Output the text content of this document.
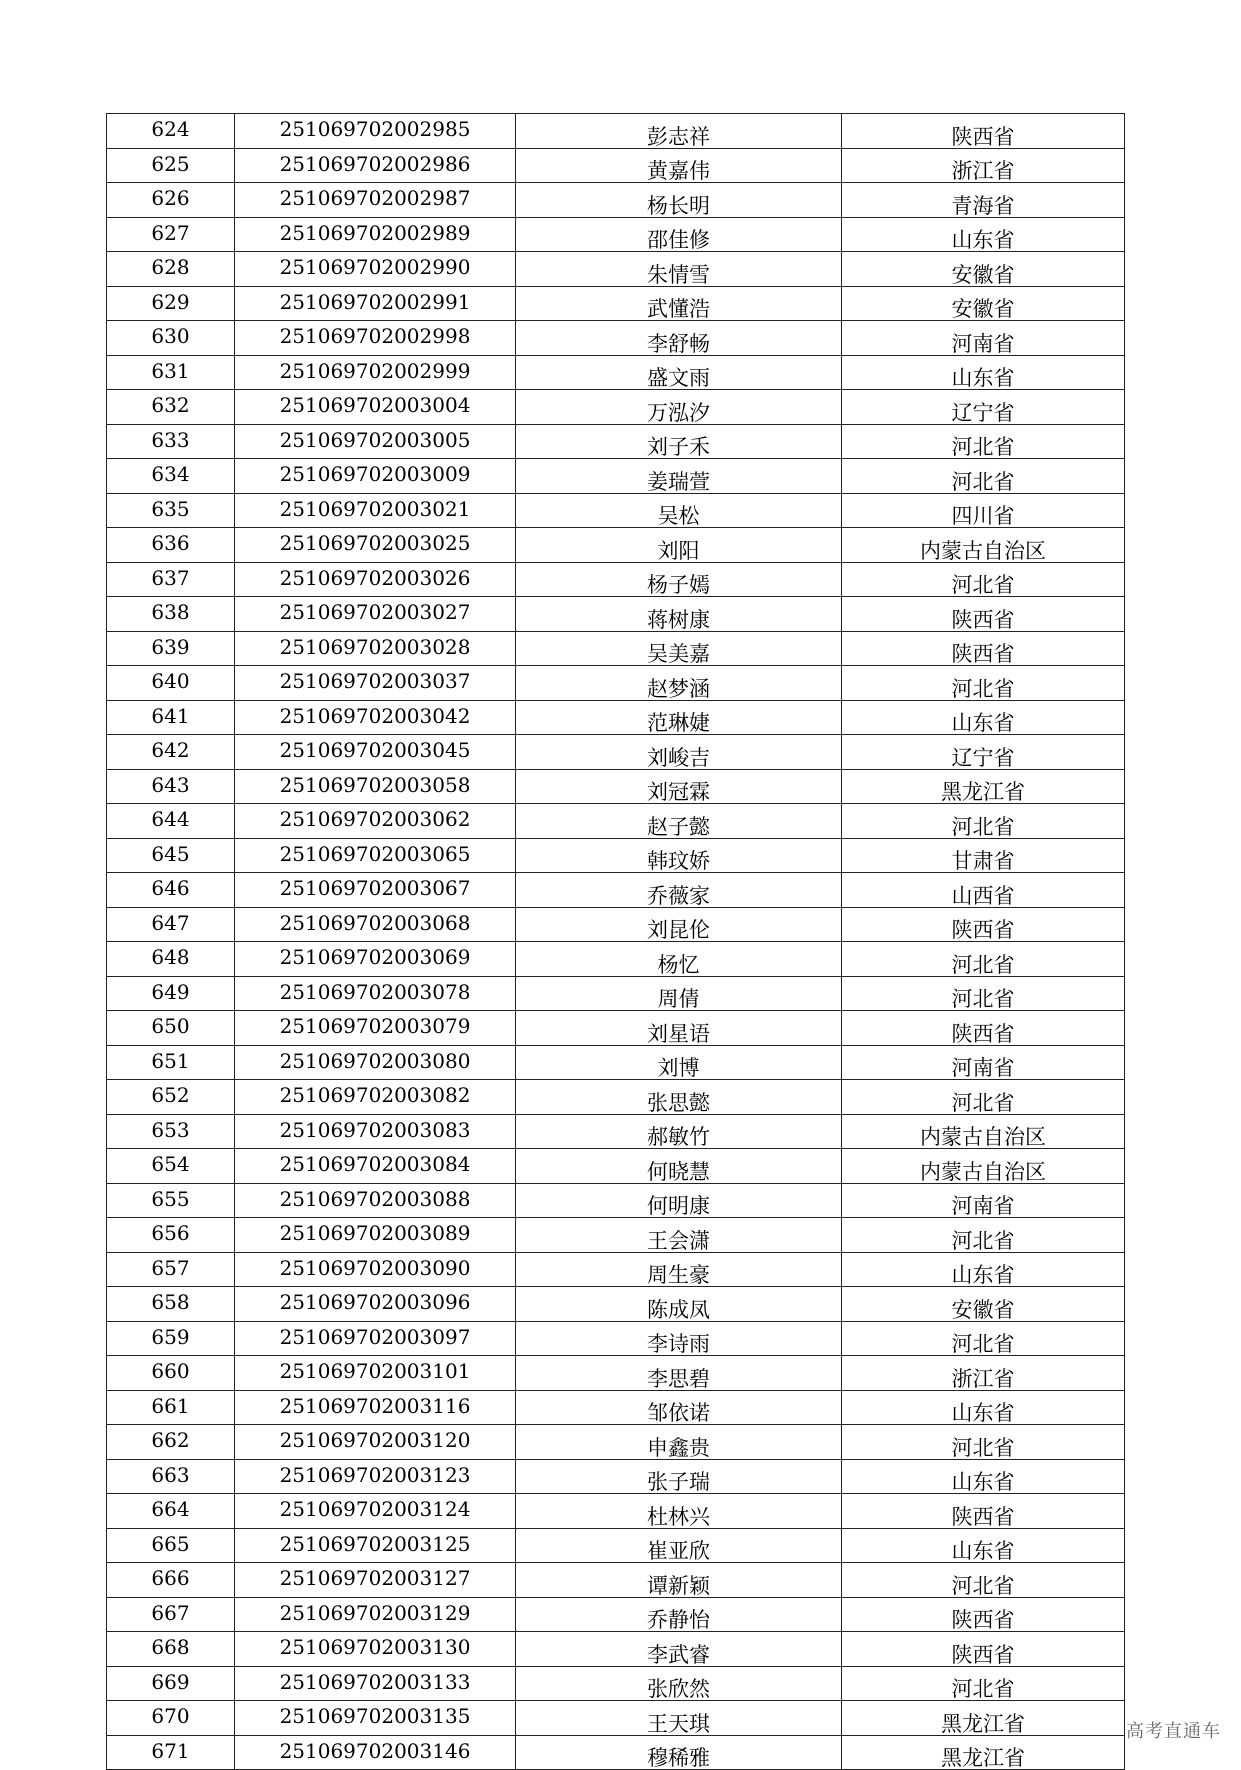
624	251069702002985	彭志祥	陕西省
625	251069702002986	黄嘉伟	浙江省
626	251069702002987	杨长明	青海省
627	251069702002989	邵佳修	山东省
628	251069702002990	朱情雪	安徽省
629	251069702002991	武懂浩	安徽省
630	251069702002998	李舒畅	河南省
631	251069702002999	盛文雨	山东省
632	251069702003004	万泓汐	辽宁省
633	251069702003005	刘子禾	河北省
634	251069702003009	姜瑞萱	河北省
635	251069702003021	吴松	四川省
636	251069702003025	刘阳	内蒙古自治区
637	251069702003026	杨子嫣	河北省
638	251069702003027	蒋树康	陕西省
639	251069702003028	吴美嘉	陕西省
640	251069702003037	赵梦涵	河北省
641	251069702003042	范琳婕	山东省
642	251069702003045	刘峻吉	辽宁省
643	251069702003058	刘冠霖	黑龙江省
644	251069702003062	赵子懿	河北省
645	251069702003065	韩玟娇	甘肃省
646	251069702003067	乔薇家	山西省
647	251069702003068	刘昆伦	陕西省
648	251069702003069	杨忆	河北省
649	251069702003078	周倩	河北省
650	251069702003079	刘星语	陕西省
651	251069702003080	刘博	河南省
652	251069702003082	张思懿	河北省
653	251069702003083	郝敏竹	内蒙古自治区
654	251069702003084	何晓慧	内蒙古自治区
655	251069702003088	何明康	河南省
656	251069702003089	王会潇	河北省
657	251069702003090	周生豪	山东省
658	251069702003096	陈成凤	安徽省
659	251069702003097	李诗雨	河北省
660	251069702003101	李思碧	浙江省
661	251069702003116	邹依诺	山东省
662	251069702003120	申鑫贵	河北省
663	251069702003123	张子瑞	山东省
664	251069702003124	杜林兴	陕西省
665	251069702003125	崔亚欣	山东省
666	251069702003127	谭新颖	河北省
667	251069702003129	乔静怡	陕西省
668	251069702003130	李武睿	陕西省
669	251069702003133	张欣然	河北省
670	251069702003135	王天琪	黑龙江省
671	251069702003146	穆稀雅	黑龙江省
高考直通车
